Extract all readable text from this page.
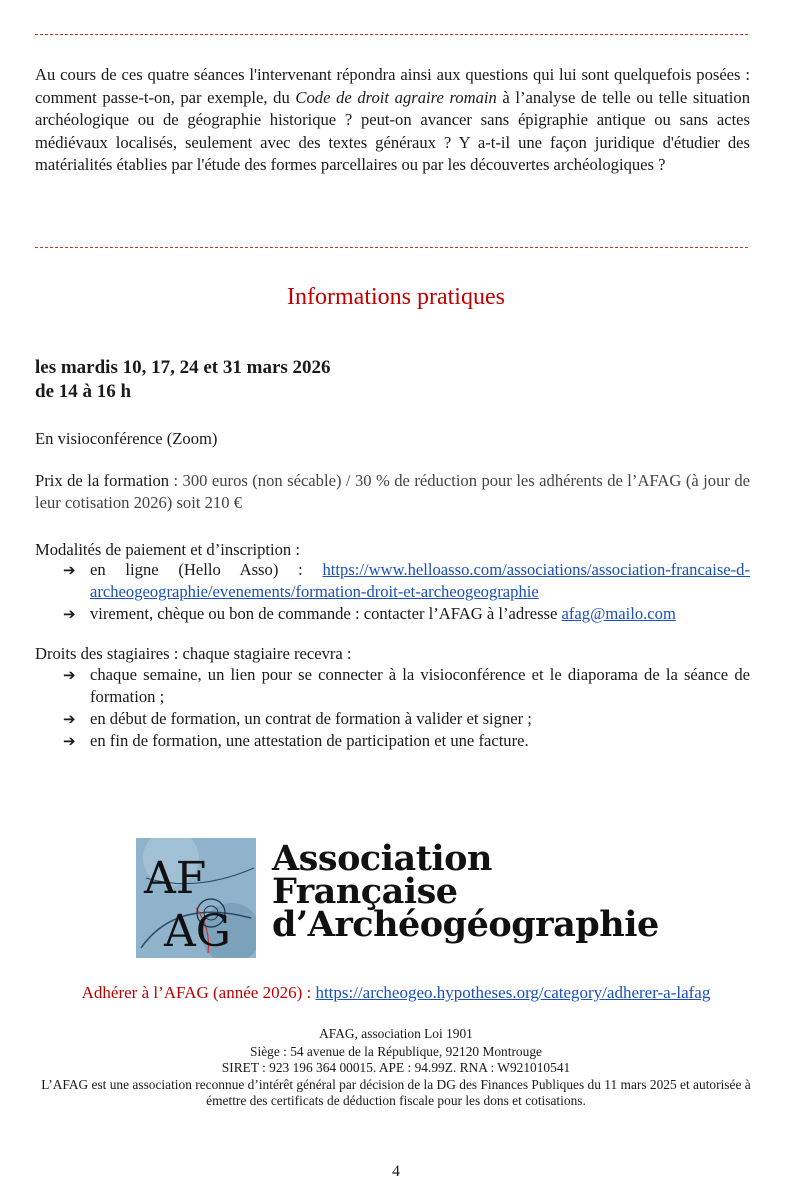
Au cours de ces quatre séances l'intervenant répondra ainsi aux questions qui lui sont quelquefois posées : comment passe-t-on, par exemple, du Code de droit agraire romain à l’analyse de telle ou telle situation archéologique ou de géographie historique ? peut-on avancer sans épigraphie antique ou sans actes médiévaux localisés, seulement avec des textes généraux ? Y a-t-il une façon juridique d'étudier des matérialités établies par l'étude des formes parcellaires ou par les découvertes archéologiques ?
Informations pratiques
les mardis 10, 17, 24 et 31 mars 2026
de 14 à 16 h
En visioconférence (Zoom)
Prix de la formation : 300 euros (non sécable) / 30 % de réduction pour les adhérents de l’AFAG (à jour de leur cotisation 2026) soit 210 €
Modalités de paiement et d’inscription :
➔ en ligne (Hello Asso) : https://www.helloasso.com/associations/association-francaise-d-archeogeographie/evenements/formation-droit-et-archeogeographie
➔ virement, chèque ou bon de commande : contacter l’AFAG à l’adresse afag@mailo.com
Droits des stagiaires : chaque stagiaire recevra :
➔ chaque semaine, un lien pour se connecter à la visioconférence et le diaporama de la séance de formation ;
➔ en début de formation, un contrat de formation à valider et signer ;
➔ en fin de formation, une attestation de participation et une facture.
AF
AG
Association
Française
d’Archéogéographie
Adhérer à l’AFAG (année 2026) : https://archeogeo.hypotheses.org/category/adherer-a-lafag
AFAG, association Loi 1901
Siège : 54 avenue de la République, 92120 Montrouge
SIRET : 923 196 364 00015. APE : 94.99Z. RNA : W921010541
L’AFAG est une association reconnue d’intérêt général par décision de la DG des Finances Publiques du 11 mars 2025 et autorisée à émettre des certificats de déduction fiscale pour les dons et cotisations.
4
